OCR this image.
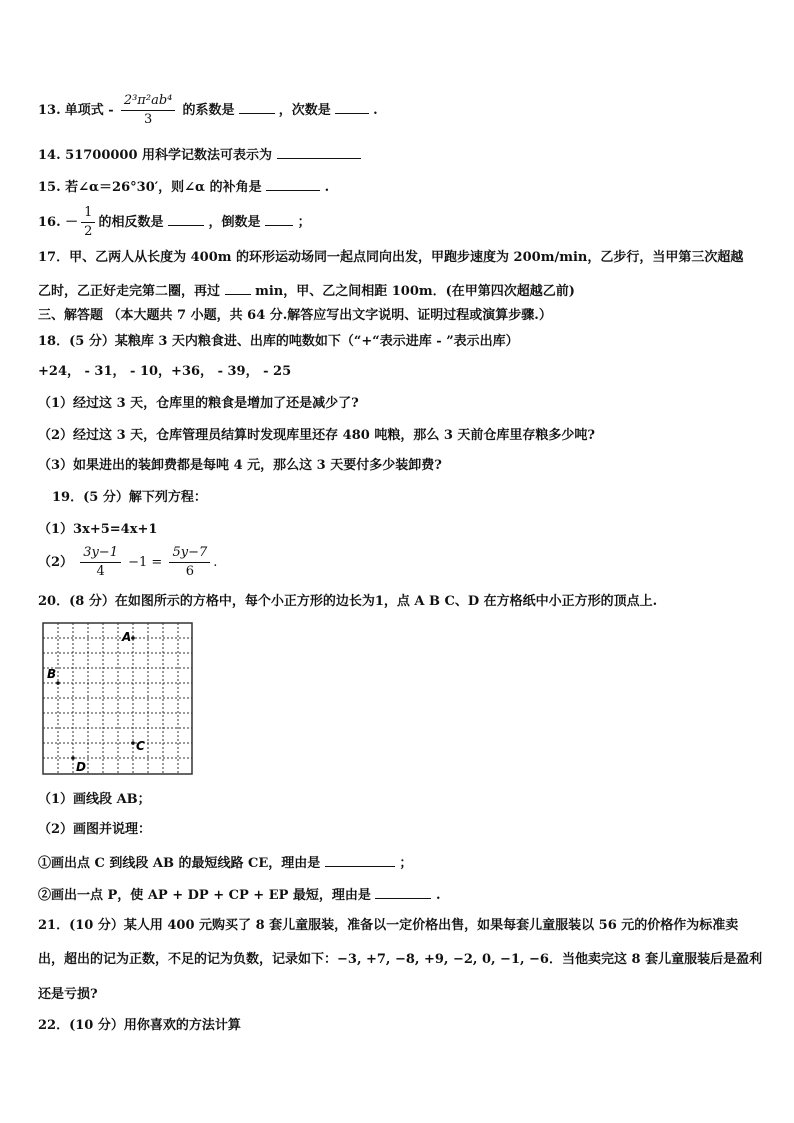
13. 单项式 - $\frac{\text{2³π²ab⁴}}{3}$ 的系数是	，次数是	.
14. 51700000 用科学记数法可表示为
15. 若∠α＝26°30′，则∠α 的补角是	.
16. － $\frac{1}{2}$ 的相反数是	，倒数是	；
17．甲、乙两人从长度为 400m 的环形运动场同一起点同向出发，甲跑步速度为 200m/min，乙步行，当甲第三次超越
乙时，乙正好走完第二圈，再过	min，甲、乙之间相距 100m．(在甲第四次超越乙前)
三、解答题 （本大题共 7 小题，共 64 分.解答应写出文字说明、证明过程或演算步骤.）
18．(5 分）某粮库 3 天内粮食进、出库的吨数如下（“+“表示进库 - ”表示出库）
+24， - 31， - 10，+36， - 39， - 25
（1）经过这 3 天，仓库里的粮食是增加了还是减少了?
（2）经过这 3 天，仓库管理员结算时发现库里还存 480 吨粮，那么 3 天前仓库里存粮多少吨?
（3）如果进出的装卸费都是每吨 4 元，那么这 3 天要付多少装卸费?
19．(5 分）解下列方程：
（1）3x+5=4x+1
$(2) \frac{3y-1}{4} -1 = \frac{5y-7}{6}$ .
20．(8 分）在如图所示的方格中，每个小正方形的边长为1，点 A B C、D 在方格纸中小正方形的顶点上.
A
B
C
D
（1）画线段 AB；
（2）画图并说理：
①画出点 C 到线段 AB 的最短线路 CE，理由是	；
②画出一点 P，使 AP + DP + CP + EP 最短，理由是	.
21．(10 分）某人用 400 元购买了 8 套儿童服装，准备以一定价格出售，如果每套儿童服装以 56 元的价格作为标准卖
出，超出的记为正数，不足的记为负数，记录如下：−3, +7, −8, +9, −2, 0, −1, −6．当他卖完这 8 套儿童服装后是盈利
还是亏损?
22．(10 分）用你喜欢的方法计算
